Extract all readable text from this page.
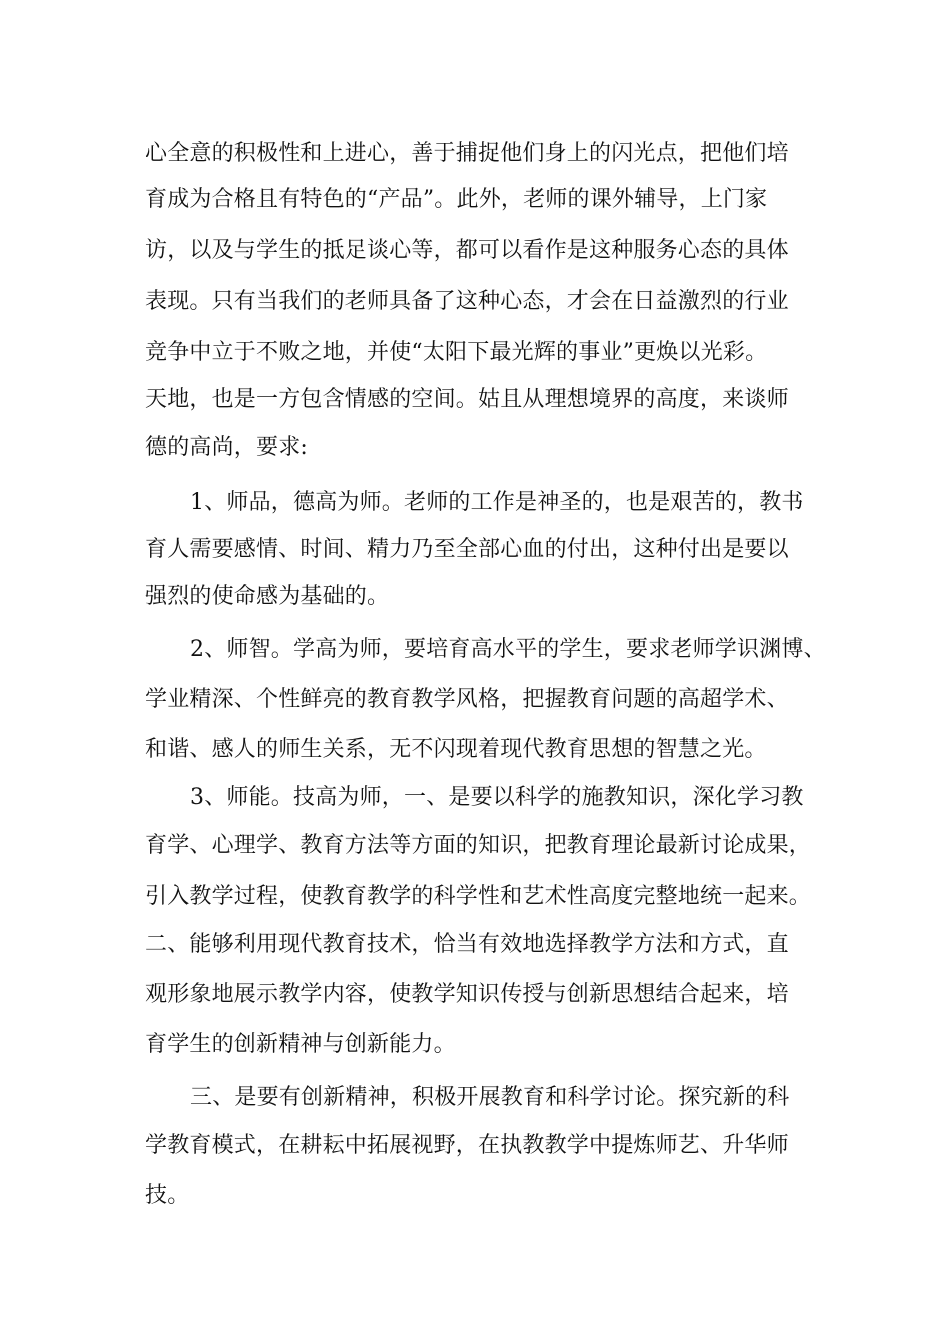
心全意的积极性和上进心，善于捕捉他们身上的闪光点，把他们培
育成为合格且有特色的“产品”。此外，老师的课外辅导，上门家
访，以及与学生的抵足谈心等，都可以看作是这种服务心态的具体
表现。只有当我们的老师具备了这种心态，才会在日益激烈的行业
竞争中立于不败之地，并使“太阳下最光辉的事业”更焕以光彩。
天地，也是一方包含情感的空间。姑且从理想境界的高度，来谈师
德的高尚，要求:
1、师品，德高为师。老师的工作是神圣的，也是艰苦的，教书
育人需要感情、时间、精力乃至全部心血的付出，这种付出是要以
强烈的使命感为基础的。
2、师智。学高为师，要培育高水平的学生，要求老师学识渊博、
学业精深、个性鲜亮的教育教学风格，把握教育问题的高超学术、
和谐、感人的师生关系，无不闪现着现代教育思想的智慧之光。
3、师能。技高为师，一、是要以科学的施教知识，深化学习教
育学、心理学、教育方法等方面的知识，把教育理论最新讨论成果，
引入教学过程，使教育教学的科学性和艺术性高度完整地统一起来。
二、能够利用现代教育技术，恰当有效地选择教学方法和方式，直
观形象地展示教学内容，使教学知识传授与创新思想结合起来，培
育学生的创新精神与创新能力。
三、是要有创新精神，积极开展教育和科学讨论。探究新的科
学教育模式，在耕耘中拓展视野，在执教教学中提炼师艺、升华师
技。
